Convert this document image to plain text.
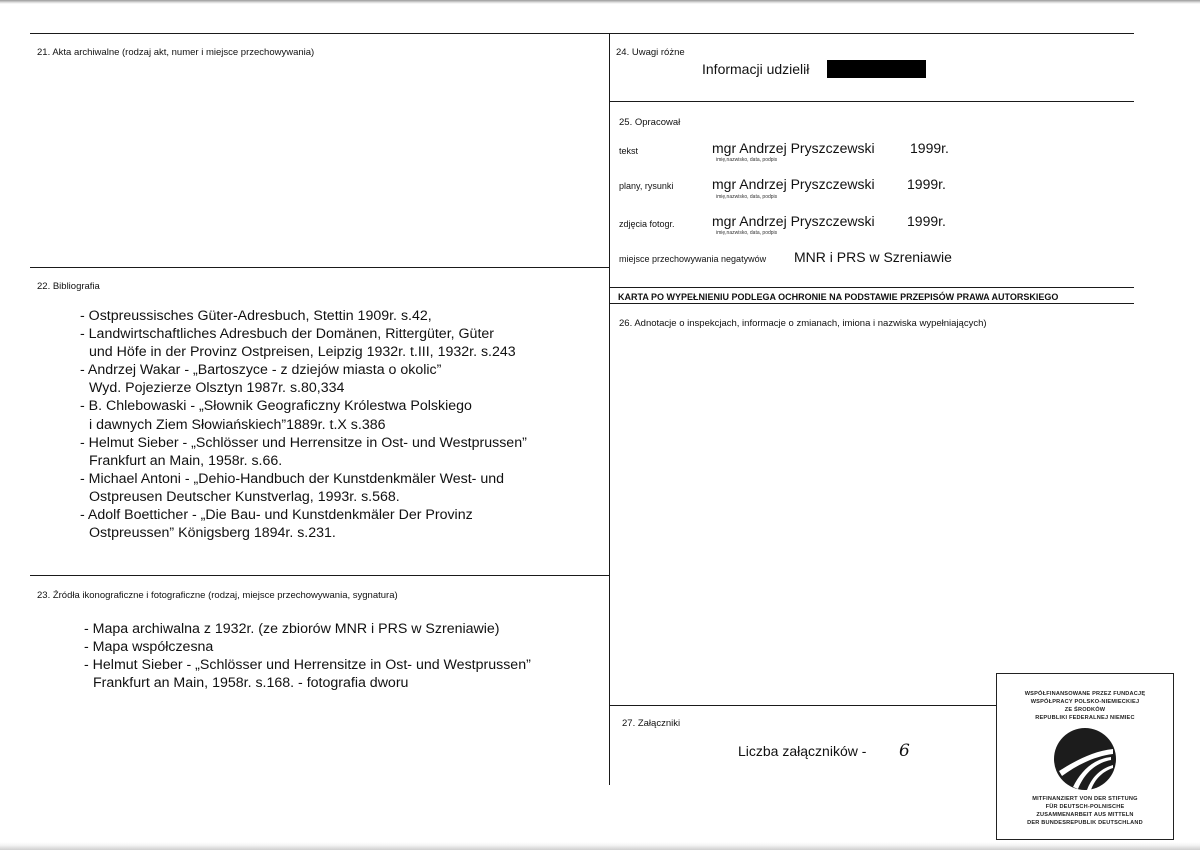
21. Akta archiwalne (rodzaj akt, numer i miejsce przechowywania)
22. Bibliografia
- Ostpreussisches Güter-Adresbuch, Stettin 1909r. s.42,
- Landwirtschaftliches Adresbuch der Domänen, Rittergüter, Güter
und Höfe in der Provinz Ostpreisen, Leipzig 1932r. t.III, 1932r. s.243
- Andrzej Wakar - „Bartoszyce - z dziejów miasta o okolic”
Wyd. Pojezierze Olsztyn 1987r. s.80,334
- B. Chlebowaski - „Słownik Geograficzny Królestwa Polskiego
i dawnych Ziem Słowiańskiech”1889r. t.X s.386
- Helmut Sieber - „Schlösser und Herrensitze in Ost- und Westprussen”
Frankfurt an Main, 1958r. s.66.
- Michael Antoni - „Dehio-Handbuch der Kunstdenkmäler West- und
Ostpreusen Deutscher Kunstverlag, 1993r. s.568.
- Adolf Boetticher - „Die Bau- und Kunstdenkmäler Der Provinz
Ostpreussen” Königsberg 1894r. s.231.
23. Źródła ikonograficzne i fotograficzne (rodzaj, miejsce przechowywania, sygnatura)
- Mapa archiwalna z 1932r. (ze zbiorów MNR i PRS w Szreniawie)
- Mapa współczesna
- Helmut Sieber - „Schlösser und Herrensitze in Ost- und Westprussen”
Frankfurt an Main, 1958r. s.168. - fotografia dworu
24. Uwagi różne
Informacji udzielił
25. Opracował
tekst	mgr Andrzej Pryszczewski	1999r.
imię,nazwisko, data, podpis
plany, rysunki	mgr Andrzej Pryszczewski 1999r.
imię,nazwisko, data, podpis
zdjęcia fotogr.	mgr Andrzej Pryszczewski 1999r.
imię,nazwisko, data, podpis
miejsce przechowywania negatywów MNR i PRS w Szreniawie
KARTA PO WYPEŁNIENIU PODLEGA OCHRONIE NA PODSTAWIE PRZEPISÓW PRAWA AUTORSKIEGO
26. Adnotacje o inspekcjach, informacje o zmianach, imiona i nazwiska wypełniających)
27. Załączniki
Liczba załączników - 6
WSPÓŁFINANSOWANE PRZEZ FUNDACJĘ
WSPÓŁPRACY POLSKO-NIEMIECKIEJ
ZE ŚRODKÓW
REPUBLIKI FEDERALNEJ NIEMIEC
MITFINANZIERT VON DER STIFTUNG
FÜR DEUTSCH-POLNISCHE
ZUSAMMENARBEIT AUS MITTELN
DER BUNDESREPUBLIK DEUTSCHLAND
